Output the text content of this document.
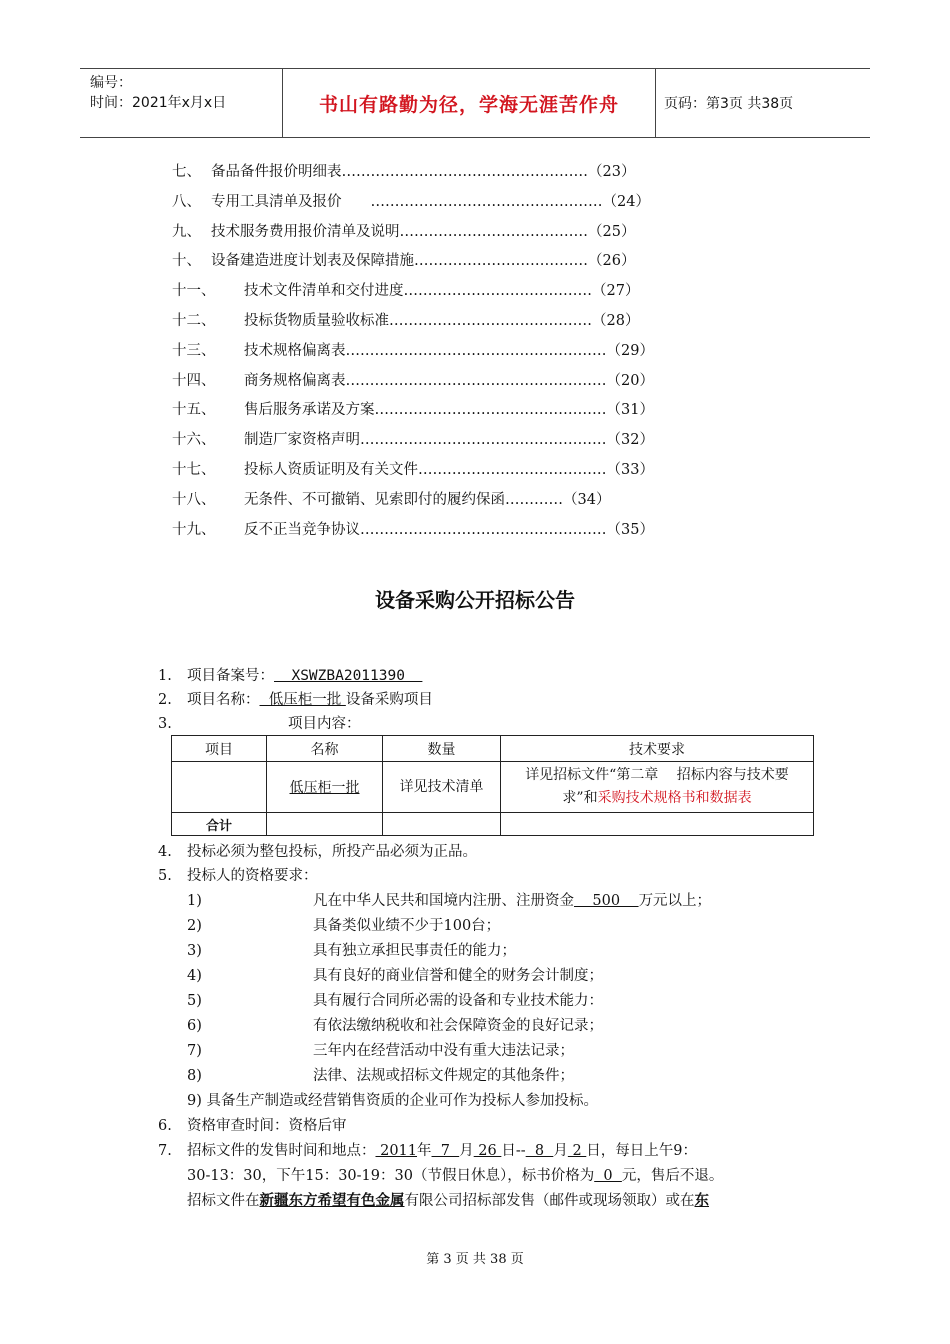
编号：
时间：2021年x月x日	书山有路勤为径，学海无涯苦作舟	页码：第3页 共38页
七、 备品备件报价明细表……………………………………………（23）
八、 专用工具清单及报价　　…………………………………………（24）
九、 技术服务费用报价清单及说明…………………………………（25）
十、 设备建造进度计划表及保障措施………………………………（26）
十一、 技术文件清单和交付进度…………………………………（27）
十二、 投标货物质量验收标准……………………………………（28）
十三、 技术规格偏离表………………………………………………（29）
十四、 商务规格偏离表………………………………………………（20）
十五、 售后服务承诺及方案…………………………………………（31）
十六、 制造厂家资格声明……………………………………………（32）
十七、 投标人资质证明及有关文件…………………………………（33）
十八、 无条件、不可撤销、见索即付的履约保函…………（34）
十九、 反不正当竞争协议……………………………………………（35）
设备采购公开招标公告
1. 项目备案号：  XSWZBA2011390
2. 项目名称：  低压柜一批 设备采购项目
3.	项目内容：
项目	名称	数量	技术要求
	低压柜一批	详见技术清单	详见招标文件“第二章　 招标内容与技术要求”和采购技术规格书和数据表
合计			
4. 投标必须为整包投标，所投产品必须为正品。
5. 投标人的资格要求：
1)	凡在中华人民共和国境内注册、注册资金    500    万元以上；
2)	具备类似业绩不少于100台；
3)	具有独立承担民事责任的能力；
4)	具有良好的商业信誉和健全的财务会计制度；
5)	具有履行合同所必需的设备和专业技术能力：
6)	有依法缴纳税收和社会保障资金的良好记录；
7)	三年内在经营活动中没有重大违法记录；
8)	法律、法规或招标文件规定的其他条件；
9) 具备生产制造或经营销售资质的企业可作为投标人参加投标。
6. 资格审查时间：资格后审
7. 招标文件的发售时间和地点： 2011年  7  月 26 日--  8  月 2 日，每日上午9：
30-13：30，下午15：30-19：30（节假日休息），标书价格为  0  元，售后不退。
招标文件在新疆东方希望有色金属有限公司招标部发售（邮件或现场领取）或在东
第 3 页 共 38 页
